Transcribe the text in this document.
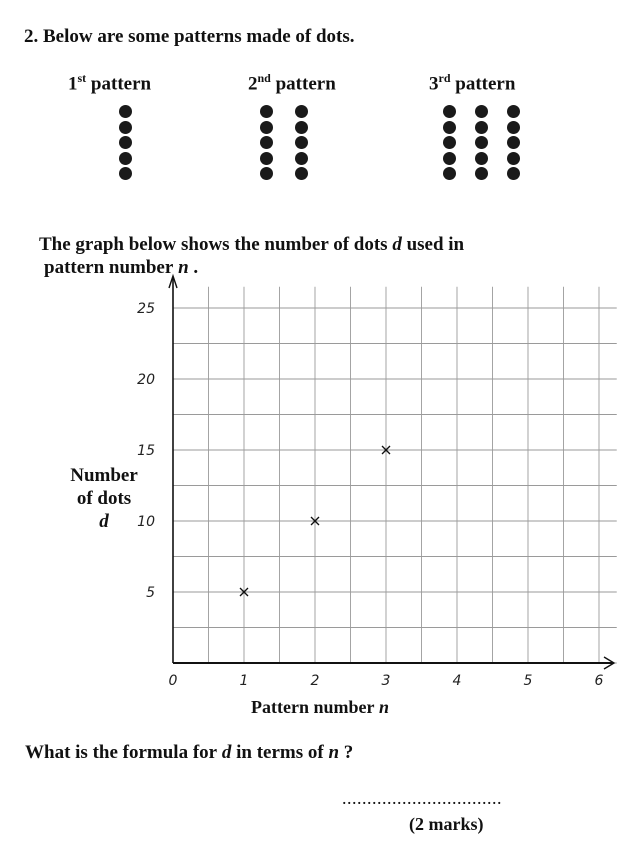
2. Below are some patterns made of dots.
1st pattern	2nd pattern	3rd pattern
The graph below shows the number of dots d used in
pattern number n .
Number
of dots
d
0	1	2	3	4	5	6
5
10
15
20
25
Pattern number n
What is the formula for d in terms of n ?
................................
(2 marks)
